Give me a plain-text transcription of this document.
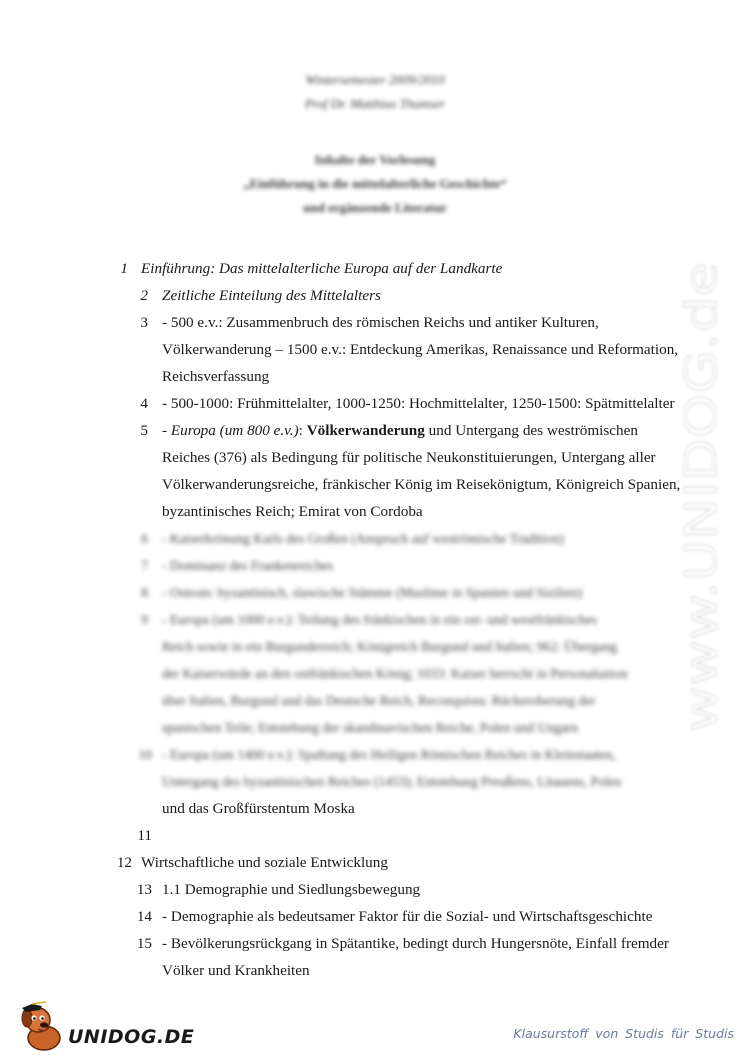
Wintersemester 2009/2010
Prof Dr. Matthias Thumser
Inhalte der Vorlesung
„Einführung in die mittelalterliche Geschichte“
und ergänzende Literatur
1 Einführung: Das mittelalterliche Europa auf der Landkarte
2 Zeitliche Einteilung des Mittelalters
3 - 500 e.v.: Zusammenbruch des römischen Reichs und antiker Kulturen,
Völkerwanderung – 1500 e.v.: Entdeckung Amerikas, Renaissance und Reformation,
Reichsverfassung
4 - 500-1000: Frühmittelalter, 1000-1250: Hochmittelalter, 1250-1500: Spätmittelalter
5 - Europa (um 800 e.v.): Völkerwanderung und Untergang des weströmischen
Reiches (376) als Bedingung für politische Neukonstituierungen, Untergang aller
Völkerwanderungsreiche, fränkischer König im Reisekönigtum, Königreich Spanien,
byzantinisches Reich; Emirat von Cordoba
6 - Kaiserkrönung Karls des Großen (Anspruch auf weströmische Tradition)
7 - Dominanz des Frankenreiches
8 - Ostrom: byzantinisch, slawische Stämme (Muslime in Spanien und Sizilien)
9 - Europa (um 1000 e.v.): Teilung des fränkischen in ein ost- und westfränkisches
Reich sowie in ein Burgunderreich; Königreich Burgund und Italien; 962: Übergang
der Kaiserwürde an den ostfränkischen König; 1033: Kaiser herrscht in Personalunion
über Italien, Burgund und das Deutsche Reich, Reconquista: Rückeroberung der
spanischen Teile; Entstehung der skandinavischen Reiche, Polen und Ungarn
10 - Europa (um 1400 e.v.): Spaltung des Heiligen Römischen Reiches in Kleinstaaten,
Untergang des byzantinischen Reiches (1453); Entstehung Preußens, Litauens, Polen
und das Großfürstentum Moska
11
12 Wirtschaftliche und soziale Entwicklung
13 1.1 Demographie und Siedlungsbewegung
14 - Demographie als bedeutsamer Faktor für die Sozial- und Wirtschaftsgeschichte
15 - Bevölkerungsrückgang in Spätantike, bedingt durch Hungersnöte, Einfall fremder
Völker und Krankheiten
www.UNIDOG.de
UNIDOG.DE	Klausurstoff von Studis für Studis
